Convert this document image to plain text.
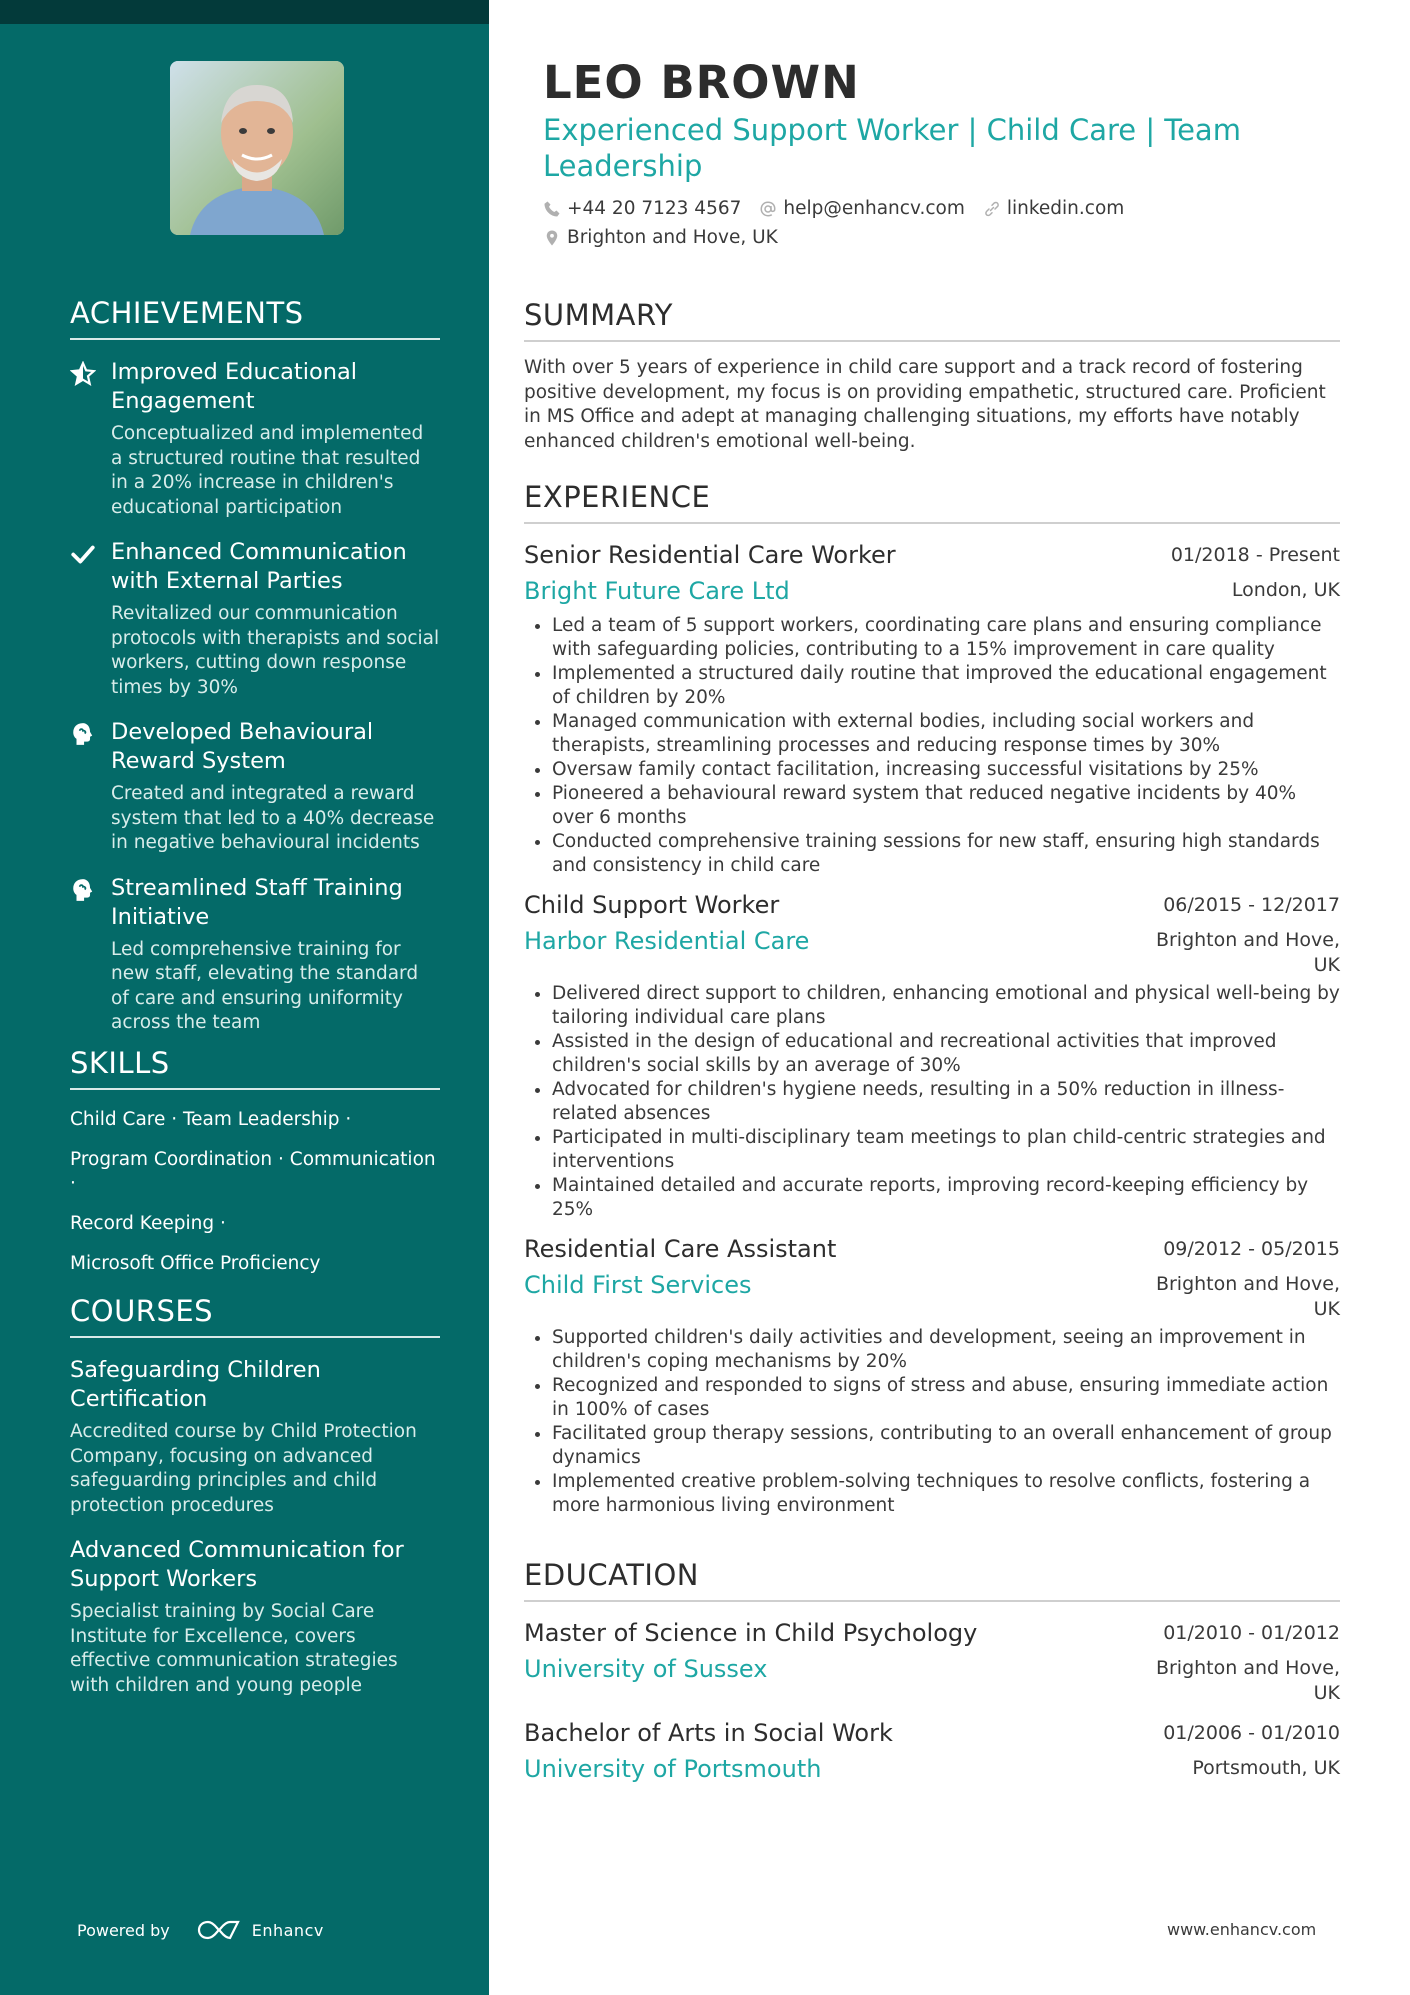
ACHIEVEMENTS
Improved Educational Engagement
Conceptualized and implemented a structured routine that resulted in a 20% increase in children's educational participation
Enhanced Communication with External Parties
Revitalized our communication protocols with therapists and social workers, cutting down response times by 30%
Developed Behavioural Reward System
Created and integrated a reward system that led to a 40% decrease in negative behavioural incidents
Streamlined Staff Training Initiative
Led comprehensive training for new staff, elevating the standard of care and ensuring uniformity across the team
SKILLS
Child Care · Team Leadership ·
Program Coordination · Communication ·
Record Keeping ·
Microsoft Office Proficiency
COURSES
Safeguarding Children Certification
Accredited course by Child Protection Company, focusing on advanced safeguarding principles and child protection procedures
Advanced Communication for Support Workers
Specialist training by Social Care Institute for Excellence, covers effective communication strategies with children and young people
Powered by	Enhancv
LEO BROWN
Experienced Support Worker | Child Care | Team Leadership
+44 20 7123 4567 help@enhancv.com linkedin.com
Brighton and Hove, UK
SUMMARY
With over 5 years of experience in child care support and a track record of fostering positive development, my focus is on providing empathetic, structured care. Proficient in MS Office and adept at managing challenging situations, my efforts have notably enhanced children's emotional well-being.
EXPERIENCE
Senior Residential Care Worker	01/2018 - Present
Bright Future Care Ltd	London, UK
• Led a team of 5 support workers, coordinating care plans and ensuring compliance with safeguarding policies, contributing to a 15% improvement in care quality
• Implemented a structured daily routine that improved the educational engagement of children by 20%
• Managed communication with external bodies, including social workers and therapists, streamlining processes and reducing response times by 30%
• Oversaw family contact facilitation, increasing successful visitations by 25%
• Pioneered a behavioural reward system that reduced negative incidents by 40% over 6 months
• Conducted comprehensive training sessions for new staff, ensuring high standards and consistency in child care
Child Support Worker	06/2015 - 12/2017
Harbor Residential Care	Brighton and Hove, UK
• Delivered direct support to children, enhancing emotional and physical well-being by tailoring individual care plans
• Assisted in the design of educational and recreational activities that improved children's social skills by an average of 30%
• Advocated for children's hygiene needs, resulting in a 50% reduction in illness-related absences
• Participated in multi-disciplinary team meetings to plan child-centric strategies and interventions
• Maintained detailed and accurate reports, improving record-keeping efficiency by 25%
Residential Care Assistant	09/2012 - 05/2015
Child First Services	Brighton and Hove, UK
• Supported children's daily activities and development, seeing an improvement in children's coping mechanisms by 20%
• Recognized and responded to signs of stress and abuse, ensuring immediate action in 100% of cases
• Facilitated group therapy sessions, contributing to an overall enhancement of group dynamics
• Implemented creative problem-solving techniques to resolve conflicts, fostering a more harmonious living environment
EDUCATION
Master of Science in Child Psychology	01/2010 - 01/2012
University of Sussex	Brighton and Hove, UK
Bachelor of Arts in Social Work	01/2006 - 01/2010
University of Portsmouth	Portsmouth, UK
www.enhancv.com
